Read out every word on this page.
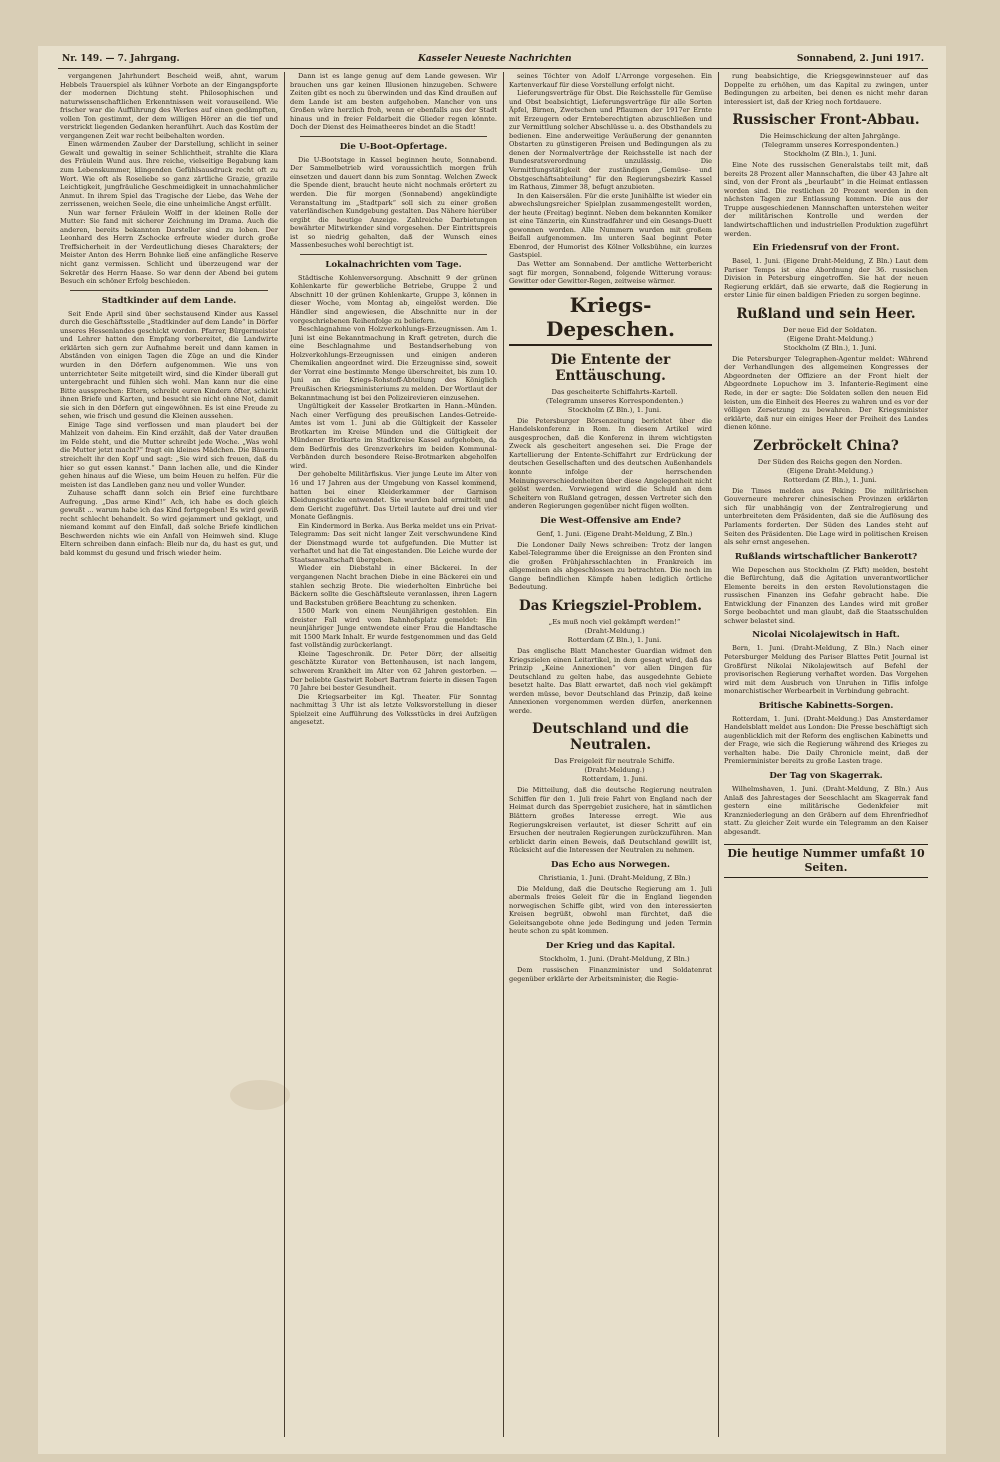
Nr. 149. — 7. Jahrgang.	Kasseler Neueste Nachrichten	Sonnabend, 2. Juni 1917.

vergangenen Jahrhundert Bescheid weiß, ahnt, warum Hebbels Trauerspiel als kühner Vorbote an der Eingangspforte der modernen Dichtung steht. Philosophischen und naturwissenschaftlichen Erkenntnissen weit vorauseilend. Wie frischer war die Aufführung des Werkes auf einen gedämpften, vollen Ton gestimmt, der dem willigen Hörer an die tief und verstrickt liegenden Gedanken heranführt. Auch das Kostüm der vergangenen Zeit war recht beibehalten worden.

Einen wärmenden Zauber der Darstellung, schlicht in seiner Gewalt und gewaltig in seiner Schlichtheit, strahlte die Klara des Fräulein Wund aus. Ihre reiche, vielseitige Begabung kam zum Lebenskummer, klingenden Gefühlsausdruck recht oft zu Wort. Wie oft als Roseliebe so ganz zärtliche Grazie, grazile Leichtigkeit, jungfräuliche Geschmeidigkeit in unnachahmlicher Anmut. In ihrem Spiel das Tragische der Liebe, das Wehe der zerrissenen, weichen Seele, die eine unheimliche Angst erfüllt.

Nun war ferner Fräulein Wolff in der kleinen Rolle der Mutter: Sie fand mit sicherer Zeichnung im Drama. Auch die anderen, bereits bekannten Darsteller sind zu loben. Der Leonhard des Herrn Zschocke erfreute wieder durch große Treffsicherheit in der Verdeutlichung dieses Charakters; der Meister Anton des Herrn Bohnke ließ eine anfängliche Reserve nicht ganz vermissen. Schlicht und überzeugend war der Sekretär des Herrn Haase. So war denn der Abend bei gutem Besuch ein schöner Erfolg beschieden.

Stadtkinder auf dem Lande.

Seit Ende April sind über sechstausend Kinder aus Kassel durch die Geschäftsstelle „Stadtkinder auf dem Lande“ in Dörfer unseres Hessenlandes geschickt worden. Pfarrer, Bürgermeister und Lehrer hatten den Empfang vorbereitet, die Landwirte erklärten sich gern zur Aufnahme bereit und dann kamen in Abständen von einigen Tagen die Züge an und die Kinder wurden in den Dörfern aufgenommen. Wie uns von unterrichteter Seite mitgeteilt wird, sind die Kinder überall gut untergebracht und fühlen sich wohl. Man kann nur die eine Bitte aussprechen: Eltern, schreibt euren Kindern öfter, schickt ihnen Briefe und Karten, und besucht sie nicht ohne Not, damit sie sich in den Dörfern gut eingewöhnen. Es ist eine Freude zu sehen, wie frisch und gesund die Kleinen aussehen.

Einige Tage sind verflossen und man plaudert bei der Mahlzeit von daheim. Ein Kind erzählt, daß der Vater draußen im Felde steht, und die Mutter schreibt jede Woche. „Was wohl die Mutter jetzt macht?“ fragt ein kleines Mädchen. Die Bäuerin streichelt ihr den Kopf und sagt: „Sie wird sich freuen, daß du hier so gut essen kannst.“ Dann lachen alle, und die Kinder gehen hinaus auf die Wiese, um beim Heuen zu helfen. Für die meisten ist das Landleben ganz neu und voller Wunder.

Zuhause schafft dann solch ein Brief eine furchtbare Aufregung. „Das arme Kind!“ Ach, ich habe es doch gleich gewußt ... warum habe ich das Kind fortgegeben! Es wird gewiß recht schlecht behandelt. So wird gejammert und geklagt, und niemand kommt auf den Einfall, daß solche Briefe kindlichen Beschwerden nichts wie ein Anfall von Heimweh sind. Kluge Eltern schreiben dann einfach: Bleib nur da, du hast es gut, und bald kommst du gesund und frisch wieder heim.

Dann ist es lange genug auf dem Lande gewesen. Wir brauchen uns gar keinen Illusionen hinzugeben. Schwere Zeiten gibt es noch zu überwinden und das Kind draußen auf dem Lande ist am besten aufgehoben. Mancher von uns Großen wäre herzlich froh, wenn er ebenfalls aus der Stadt hinaus und in freier Feldarbeit die Glieder regen könnte. Doch der Dienst des Heimatheeres bindet an die Stadt!

Die U-Boot-Opfertage.

Die U-Bootstage in Kassel beginnen heute, Sonnabend. Der Sammelbetrieb wird voraussichtlich morgen früh einsetzen und dauert dann bis zum Sonntag. Welchen Zweck die Spende dient, braucht heute nicht nochmals erörtert zu werden. Die für morgen (Sonnabend) angekündigte Veranstaltung im „Stadtpark“ soll sich zu einer großen vaterländischen Kundgebung gestalten. Das Nähere hierüber ergibt die heutige Anzeige. Zahlreiche Darbietungen bewährter Mitwirkender sind vorgesehen. Der Eintrittspreis ist so niedrig gehalten, daß der Wunsch eines Massenbesuches wohl berechtigt ist.

Lokalnachrichten vom Tage.

Städtische Kohlenversorgung. Abschnitt 9 der grünen Kohlenkarte für gewerbliche Betriebe, Gruppe 2 und Abschnitt 10 der grünen Kohlenkarte, Gruppe 3, können in dieser Woche, vom Montag ab, eingelöst werden. Die Händler sind angewiesen, die Abschnitte nur in der vorgeschriebenen Reihenfolge zu beliefern.

Beschlagnahme von Holzverkohlungs-Erzeugnissen. Am 1. Juni ist eine Bekanntmachung in Kraft getreten, durch die eine Beschlagnahme und Bestandserhebung von Holzverkohlungs-Erzeugnissen und einigen anderen Chemikalien angeordnet wird. Die Erzeugnisse sind, soweit der Vorrat eine bestimmte Menge überschreitet, bis zum 10. Juni an die Kriegs-Rohstoff-Abteilung des Königlich Preußischen Kriegsministeriums zu melden. Der Wortlaut der Bekanntmachung ist bei den Polizeirevieren einzusehen.

Ungültigkeit der Kasseler Brotkarten in Hann.-Münden. Nach einer Verfügung des preußischen Landes-Getreide-Amtes ist vom 1. Juni ab die Gültigkeit der Kasseler Brotkarten im Kreise Münden und die Gültigkeit der Mündener Brotkarte im Stadtkreise Kassel aufgehoben, da dem Bedürfnis des Grenzverkehrs im beiden Kommunal-Verbänden durch besondere Reise-Brotmarken abgeholfen wird.

Der gehobelte Militärfiskus. Vier junge Leute im Alter von 16 und 17 Jahren aus der Umgebung von Kassel kommend, hatten bei einer Kleiderkammer der Garnison Kleidungsstücke entwendet. Sie wurden bald ermittelt und dem Gericht zugeführt. Das Urteil lautete auf drei und vier Monate Gefängnis.

Ein Kindermord in Berka. Aus Berka meldet uns ein Privat-Telegramm: Das seit nicht langer Zeit verschwundene Kind der Dienstmagd wurde tot aufgefunden. Die Mutter ist verhaftet und hat die Tat eingestanden. Die Leiche wurde der Staatsanwaltschaft übergeben.

Wieder ein Diebstahl in einer Bäckerei. In der vergangenen Nacht brachen Diebe in eine Bäckerei ein und stahlen sechzig Brote. Die wiederholten Einbrüche bei Bäckern sollte die Geschäftsleute veranlassen, ihren Lagern und Backstuben größere Beachtung zu schenken.

1500 Mark von einem Neunjährigen gestohlen. Ein dreister Fall wird vom Bahnhofsplatz gemeldet: Ein neunjähriger Junge entwendete einer Frau die Handtasche mit 1500 Mark Inhalt. Er wurde festgenommen und das Geld fast vollständig zurückerlangt.

Kleine Tageschronik. Dr. Peter Dörr, der allseitig geschätzte Kurator von Bettenhausen, ist nach langem, schwerem Krankheit im Alter von 62 Jahren gestorben. — Der beliebte Gastwirt Robert Bartram feierte in diesen Tagen 70 Jahre bei bester Gesundheit.

Die Kriegsarbeiter im Kgl. Theater. Für Sonntag nachmittag 3 Uhr ist als letzte Volksvorstellung in dieser Spielzeit eine Aufführung des Volksstücks in drei Aufzügen angesetzt.

seines Töchter von Adolf L'Arronge vorgesehen. Ein Kartenverkauf für diese Vorstellung erfolgt nicht.

Lieferungsverträge für Obst. Die Reichsstelle für Gemüse und Obst beabsichtigt, Lieferungsverträge für alle Sorten Äpfel, Birnen, Zwetschen und Pflaumen der 1917er Ernte mit Erzeugern oder Ernteberechtigten abzuschließen und zur Vermittlung solcher Abschlüsse u. a. des Obsthandels zu bedienen. Eine anderweitige Veräußerung der genannten Obstarten zu günstigeren Preisen und Bedingungen als zu denen der Normalverträge der Reichsstelle ist nach der Bundesratsverordnung unzulässig. Die Vermittlungstätigkeit der zuständigen „Gemüse- und Obstgeschäftsabteilung“ für den Regierungsbezirk Kassel im Rathaus, Zimmer 38, befugt anzubieten.

In den Kaisersälen. Für die erste Junihälfte ist wieder ein abwechslungsreicher Spielplan zusammengestellt worden, der heute (Freitag) beginnt. Neben dem bekannten Komiker ist eine Tänzerin, ein Kunstradfahrer und ein Gesangs-Duett gewonnen worden. Alle Nummern wurden mit großem Beifall aufgenommen. Im unteren Saal beginnt Peter Ebenrod, der Humorist des Kölner Volksbühne, ein kurzes Gastspiel.

Das Wetter am Sonnabend. Der amtliche Wetterbericht sagt für morgen, Sonnabend, folgende Witterung voraus: Gewitter oder Gewitter-Regen, zeitweise wärmer.

Kriegs-Depeschen.
Die Entente der Enttäuschung.

Das gescheiterte Schiffahrts-Kartell.

(Telegramm unseres Korrespondenten.)

Stockholm (Z Bln.), 1. Juni.

Die Petersburger Börsenzeitung berichtet über die Handelskonferenz in Rom. In diesem Artikel wird ausgesprochen, daß die Konferenz in ihrem wichtigsten Zweck als gescheitert angesehen sei. Die Frage der Kartellierung der Entente-Schiffahrt zur Erdrückung der deutschen Gesellschaften und des deutschen Außenhandels konnte infolge der herrschenden Meinungsverschiedenheiten über diese Angelegenheit nicht gelöst werden. Vorwiegend wird die Schuld an dem Scheitern von Rußland getragen, dessen Vertreter sich den anderen Regierungen gegenüber nicht fügen wollten.

Die West-Offensive am Ende?

Genf, 1. Juni. (Eigene Draht-Meldung, Z Bln.)

Die Londoner Daily News schreiben: Trotz der langen Kabel-Telegramme über die Ereignisse an den Fronten sind die großen Frühjahrsschlachten in Frankreich im allgemeinen als abgeschlossen zu betrachten. Die noch im Gange befindlichen Kämpfe haben lediglich örtliche Bedeutung.

Das Kriegsziel-Problem.

„Es muß noch viel gekämpft werden!“

(Draht-Meldung.)

Rotterdam (Z Bln.), 1. Juni.

Das englische Blatt Manchester Guardian widmet den Kriegszielen einen Leitartikel, in dem gesagt wird, daß das Prinzip „Keine Annexionen“ vor allen Dingen für Deutschland zu gelten habe, das ausgedehnte Gebiete besetzt halte. Das Blatt erwartet, daß noch viel gekämpft werden müsse, bevor Deutschland das Prinzip, daß keine Annexionen vorgenommen werden dürfen, anerkennen werde.

Deutschland und die Neutralen.

Das Freigeleit für neutrale Schiffe.

(Draht-Meldung.)

Rotterdam, 1. Juni.

Die Mitteilung, daß die deutsche Regierung neutralen Schiffen für den 1. Juli freie Fahrt von England nach der Heimat durch das Sperrgebiet zusichere, hat in sämtlichen Blättern großes Interesse erregt. Wie aus Regierungskreisen verlautet, ist dieser Schritt auf ein Ersuchen der neutralen Regierungen zurückzuführen. Man erblickt darin einen Beweis, daß Deutschland gewillt ist, Rücksicht auf die Interessen der Neutralen zu nehmen.

Das Echo aus Norwegen.

Christiania, 1. Juni. (Draht-Meldung, Z Bln.)

Die Meldung, daß die Deutsche Regierung am 1. Juli abermals freies Geleit für die in England liegenden norwegischen Schiffe gibt, wird von den interessierten Kreisen begrüßt, obwohl man fürchtet, daß die Geleitsangebote ohne jede Bedingung und jeden Termin heute schon zu spät kommen.

Der Krieg und das Kapital.

Stockholm, 1. Juni. (Draht-Meldung, Z Bln.)

Dem russischen Finanzminister und Soldatenrat gegenüber erklärte der Arbeitsminister, die Regie-

rung beabsichtige, die Kriegsgewinnsteuer auf das Doppelte zu erhöhen, um das Kapital zu zwingen, unter Bedingungen zu arbeiten, bei denen es nicht mehr daran interessiert ist, daß der Krieg noch fortdauere.

Russischer Front-Abbau.

Die Heimschickung der alten Jahrgänge.

(Telegramm unseres Korrespondenten.)

Stockholm (Z Bln.), 1. Juni.

Eine Note des russischen Generalstabs teilt mit, daß bereits 28 Prozent aller Mannschaften, die über 43 Jahre alt sind, von der Front als „beurlaubt“ in die Heimat entlassen worden sind. Die restlichen 20 Prozent werden in den nächsten Tagen zur Entlassung kommen. Die aus der Truppe ausgeschiedenen Mannschaften unterstehen weiter der militärischen Kontrolle und werden der landwirtschaftlichen und industriellen Produktion zugeführt werden.

Ein Friedensruf von der Front.

Basel, 1. Juni. (Eigene Draht-Meldung, Z Bln.) Laut dem Pariser Temps ist eine Abordnung der 36. russischen Division in Petersburg eingetroffen. Sie hat der neuen Regierung erklärt, daß sie erwarte, daß die Regierung in erster Linie für einen baldigen Frieden zu sorgen beginne.

Rußland und sein Heer.

Der neue Eid der Soldaten.

(Eigene Draht-Meldung.)

Stockholm (Z Bln.), 1. Juni.

Die Petersburger Telegraphen-Agentur meldet: Während der Verhandlungen des allgemeinen Kongresses der Abgeordneten der Offiziere an der Front hielt der Abgeordnete Lopuchow im 3. Infanterie-Regiment eine Rede, in der er sagte: Die Soldaten sollen den neuen Eid leisten, um die Einheit des Heeres zu wahren und es vor der völligen Zersetzung zu bewahren. Der Kriegsminister erklärte, daß nur ein einiges Heer der Freiheit des Landes dienen könne.

Zerbröckelt China?

Der Süden des Reichs gegen den Norden.

(Eigene Draht-Meldung.)

Rotterdam (Z Bln.), 1. Juni.

Die Times melden aus Peking: Die militärischen Gouverneure mehrerer chinesischen Provinzen erklärten sich für unabhängig von der Zentralregierung und unterbreiteten dem Präsidenten, daß sie die Auflösung des Parlaments forderten. Der Süden des Landes steht auf Seiten des Präsidenten. Die Lage wird in politischen Kreisen als sehr ernst angesehen.

Rußlands wirtschaftlicher Bankerott?

Wie Depeschen aus Stockholm (Z Fkft) melden, besteht die Befürchtung, daß die Agitation unverantwortlicher Elemente bereits in den ersten Revolutionstagen die russischen Finanzen ins Gefahr gebracht habe. Die Entwicklung der Finanzen des Landes wird mit großer Sorge beobachtet und man glaubt, daß die Staatsschulden schwer belastet sind.

Nicolai Nicolajewitsch in Haft.

Bern, 1. Juni. (Draht-Meldung, Z Bln.) Nach einer Petersburger Meldung des Pariser Blattes Petit Journal ist Großfürst Nikolai Nikolajewitsch auf Befehl der provisorischen Regierung verhaftet worden. Das Vorgehen wird mit dem Ausbruch von Unruhen in Tiflis infolge monarchistischer Werbearbeit in Verbindung gebracht.

Britische Kabinetts-Sorgen.

Rotterdam, 1. Juni. (Draht-Meldung.) Das Amsterdamer Handelsblatt meldet aus London: Die Presse beschäftigt sich augenblicklich mit der Reform des englischen Kabinetts und der Frage, wie sich die Regierung während des Krieges zu verhalten habe. Die Daily Chronicle meint, daß der Premierminister bereits zu große Lasten trage.

Der Tag von Skagerrak.

Wilhelmshaven, 1. Juni. (Draht-Meldung, Z Bln.) Aus Anlaß des Jahrestages der Seeschlacht am Skagerrak fand gestern eine militärische Gedenkfeier mit Kranzniederlegung an den Gräbern auf dem Ehrenfriedhof statt. Zu gleicher Zeit wurde ein Telegramm an den Kaiser abgesandt.

Die heutige Nummer umfaßt 10 Seiten.
